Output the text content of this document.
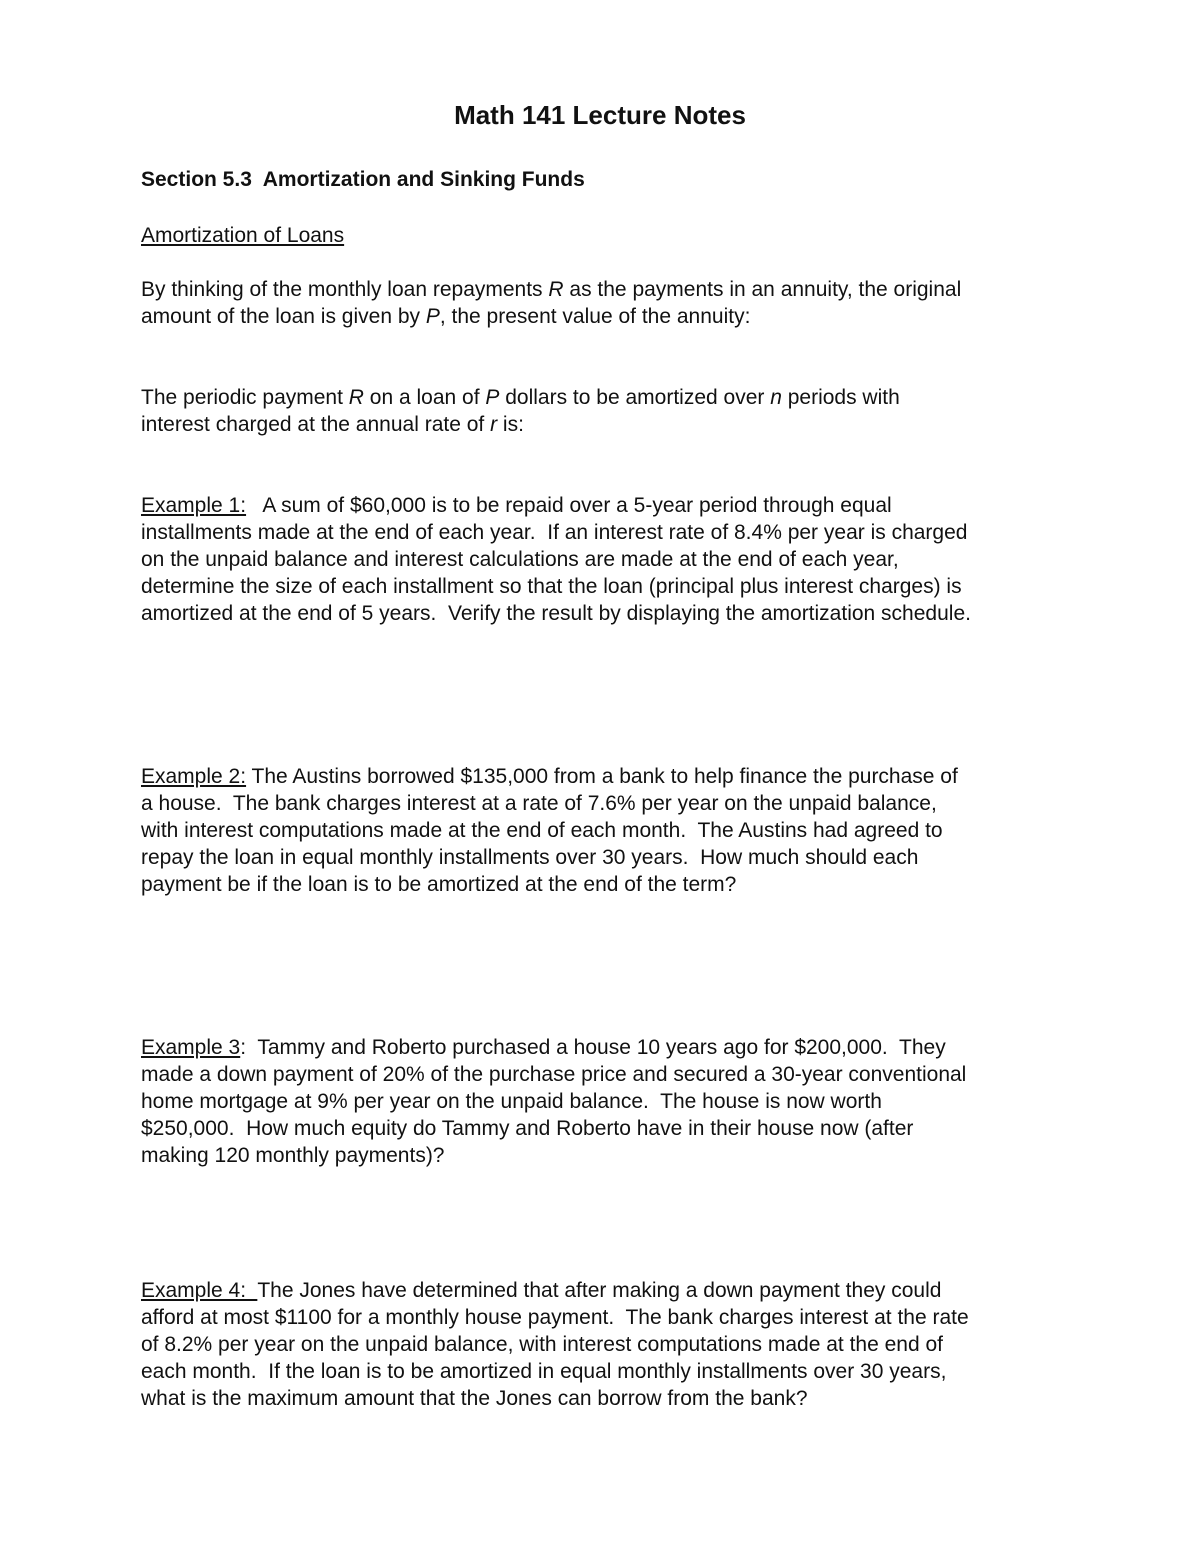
Math 141 Lecture Notes
Section 5.3  Amortization and Sinking Funds
Amortization of Loans
By thinking of the monthly loan repayments R as the payments in an annuity, the original
amount of the loan is given by P, the present value of the annuity:
The periodic payment R on a loan of P dollars to be amortized over n periods with
interest charged at the annual rate of r is:
Example 1: A sum of $60,000 is to be repaid over a 5-year period through equal
installments made at the end of each year.  If an interest rate of 8.4% per year is charged
on the unpaid balance and interest calculations are made at the end of each year,
determine the size of each installment so that the loan (principal plus interest charges) is
amortized at the end of 5 years.  Verify the result by displaying the amortization schedule.
Example 2: The Austins borrowed $135,000 from a bank to help finance the purchase of
a house.  The bank charges interest at a rate of 7.6% per year on the unpaid balance,
with interest computations made at the end of each month.  The Austins had agreed to
repay the loan in equal monthly installments over 30 years.  How much should each
payment be if the loan is to be amortized at the end of the term?
Example 3:  Tammy and Roberto purchased a house 10 years ago for $200,000.  They
made a down payment of 20% of the purchase price and secured a 30-year conventional
home mortgage at 9% per year on the unpaid balance.  The house is now worth
$250,000.  How much equity do Tammy and Roberto have in their house now (after
making 120 monthly payments)?
Example 4:  The Jones have determined that after making a down payment they could
afford at most $1100 for a monthly house payment.  The bank charges interest at the rate
of 8.2% per year on the unpaid balance, with interest computations made at the end of
each month.  If the loan is to be amortized in equal monthly installments over 30 years,
what is the maximum amount that the Jones can borrow from the bank?
